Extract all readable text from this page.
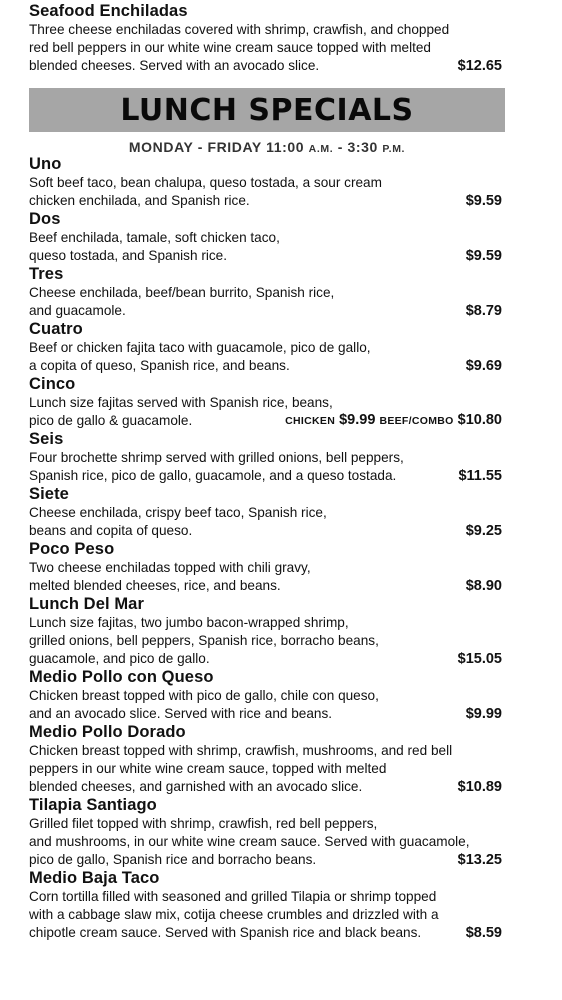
Seafood Enchiladas
Three cheese enchiladas covered with shrimp, crawfish, and chopped
red bell peppers in our white wine cream sauce topped with melted
blended cheeses. Served with an avocado slice.	$12.65
LUNCH SPECIALS
MONDAY - FRIDAY 11:00 A.M. - 3:30 P.M.
Uno
Soft beef taco, bean chalupa, queso tostada, a sour cream
chicken enchilada, and Spanish rice.	$9.59
Dos
Beef enchilada, tamale, soft chicken taco,
queso tostada, and Spanish rice.	$9.59
Tres
Cheese enchilada, beef/bean burrito, Spanish rice,
and guacamole.	$8.79
Cuatro
Beef or chicken fajita taco with guacamole, pico de gallo,
a copita of queso, Spanish rice, and beans.	$9.69
Cinco
Lunch size fajitas served with Spanish rice, beans,
pico de gallo & guacamole.	CHICKEN $9.99 BEEF/COMBO $10.80
Seis
Four brochette shrimp served with grilled onions, bell peppers,
Spanish rice, pico de gallo, guacamole, and a queso tostada.	$11.55
Siete
Cheese enchilada, crispy beef taco, Spanish rice,
beans and copita of queso.	$9.25
Poco Peso
Two cheese enchiladas topped with chili gravy,
melted blended cheeses, rice, and beans.	$8.90
Lunch Del Mar
Lunch size fajitas, two jumbo bacon-wrapped shrimp,
grilled onions, bell peppers, Spanish rice, borracho beans,
guacamole, and pico de gallo.	$15.05
Medio Pollo con Queso
Chicken breast topped with pico de gallo, chile con queso,
and an avocado slice. Served with rice and beans.	$9.99
Medio Pollo Dorado
Chicken breast topped with shrimp, crawfish, mushrooms, and red bell
peppers in our white wine cream sauce, topped with melted
blended cheeses, and garnished with an avocado slice.	$10.89
Tilapia Santiago
Grilled filet topped with shrimp, crawfish, red bell peppers,
and mushrooms, in our white wine cream sauce. Served with guacamole,
pico de gallo, Spanish rice and borracho beans.	$13.25
Medio Baja Taco
Corn tortilla filled with seasoned and grilled Tilapia or shrimp topped
with a cabbage slaw mix, cotija cheese crumbles and drizzled with a
chipotle cream sauce. Served with Spanish rice and black beans.	$8.59
